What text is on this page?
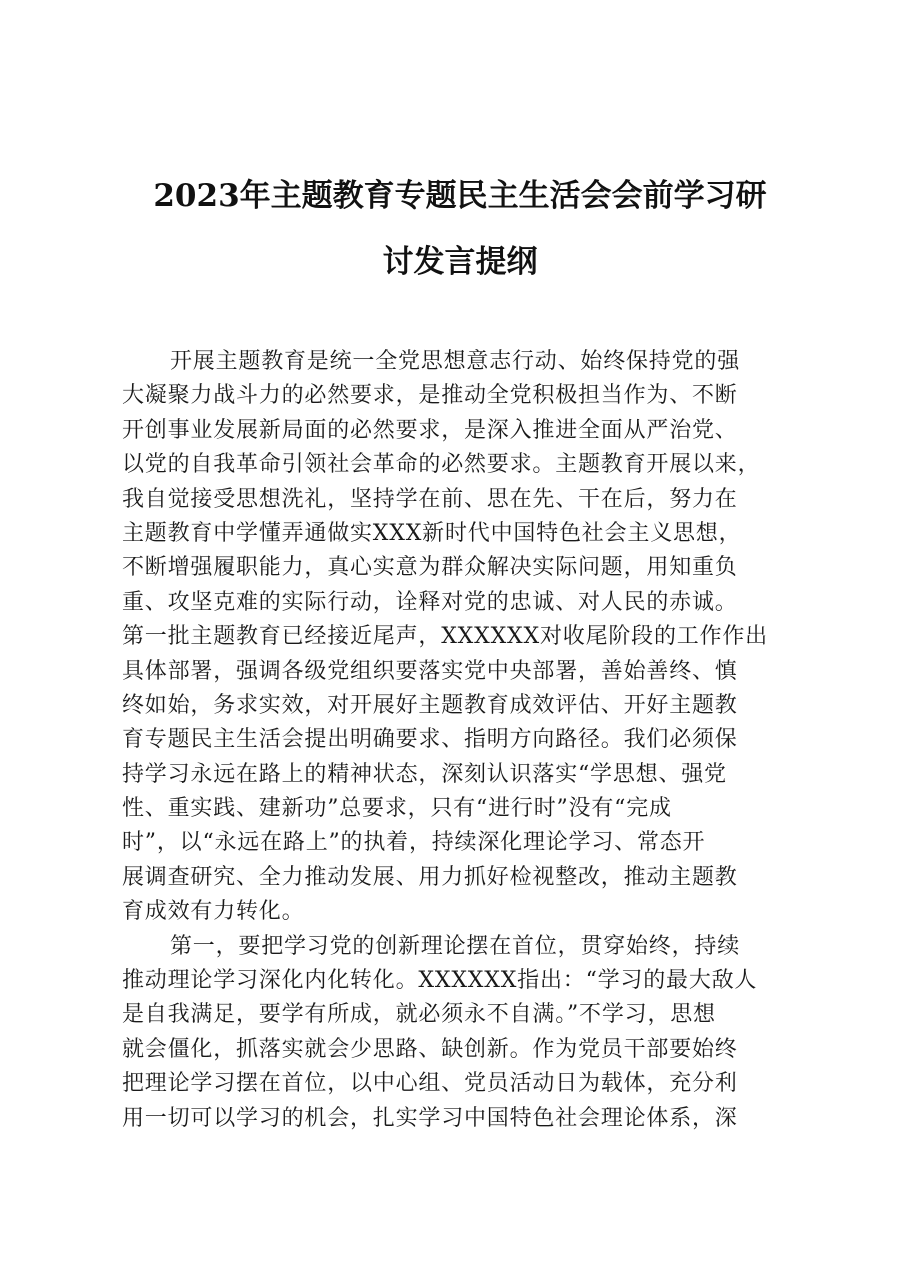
2023年主题教育专题民主生活会会前学习研
讨发言提纲
开展主题教育是统一全党思想意志行动、始终保持党的强
大凝聚力战斗力的必然要求，是推动全党积极担当作为、不断
开创事业发展新局面的必然要求，是深入推进全面从严治党、
以党的自我革命引领社会革命的必然要求。主题教育开展以来，
我自觉接受思想洗礼，坚持学在前、思在先、干在后，努力在
主题教育中学懂弄通做实XXX新时代中国特色社会主义思想，
不断增强履职能力，真心实意为群众解决实际问题，用知重负
重、攻坚克难的实际行动，诠释对党的忠诚、对人民的赤诚。
第一批主题教育已经接近尾声，XXXXXX对收尾阶段的工作作出
具体部署，强调各级党组织要落实党中央部署，善始善终、慎
终如始，务求实效，对开展好主题教育成效评估、开好主题教
育专题民主生活会提出明确要求、指明方向路径。我们必须保
持学习永远在路上的精神状态，深刻认识落实“学思想、强党
性、重实践、建新功”总要求，只有“进行时”没有“完成
时”，以“永远在路上”的执着，持续深化理论学习、常态开
展调查研究、全力推动发展、用力抓好检视整改，推动主题教
育成效有力转化。
第一，要把学习党的创新理论摆在首位，贯穿始终，持续
推动理论学习深化内化转化。XXXXXX指出：“学习的最大敌人
是自我满足，要学有所成，就必须永不自满。”不学习，思想
就会僵化，抓落实就会少思路、缺创新。作为党员干部要始终
把理论学习摆在首位，以中心组、党员活动日为载体，充分利
用一切可以学习的机会，扎实学习中国特色社会理论体系，深
